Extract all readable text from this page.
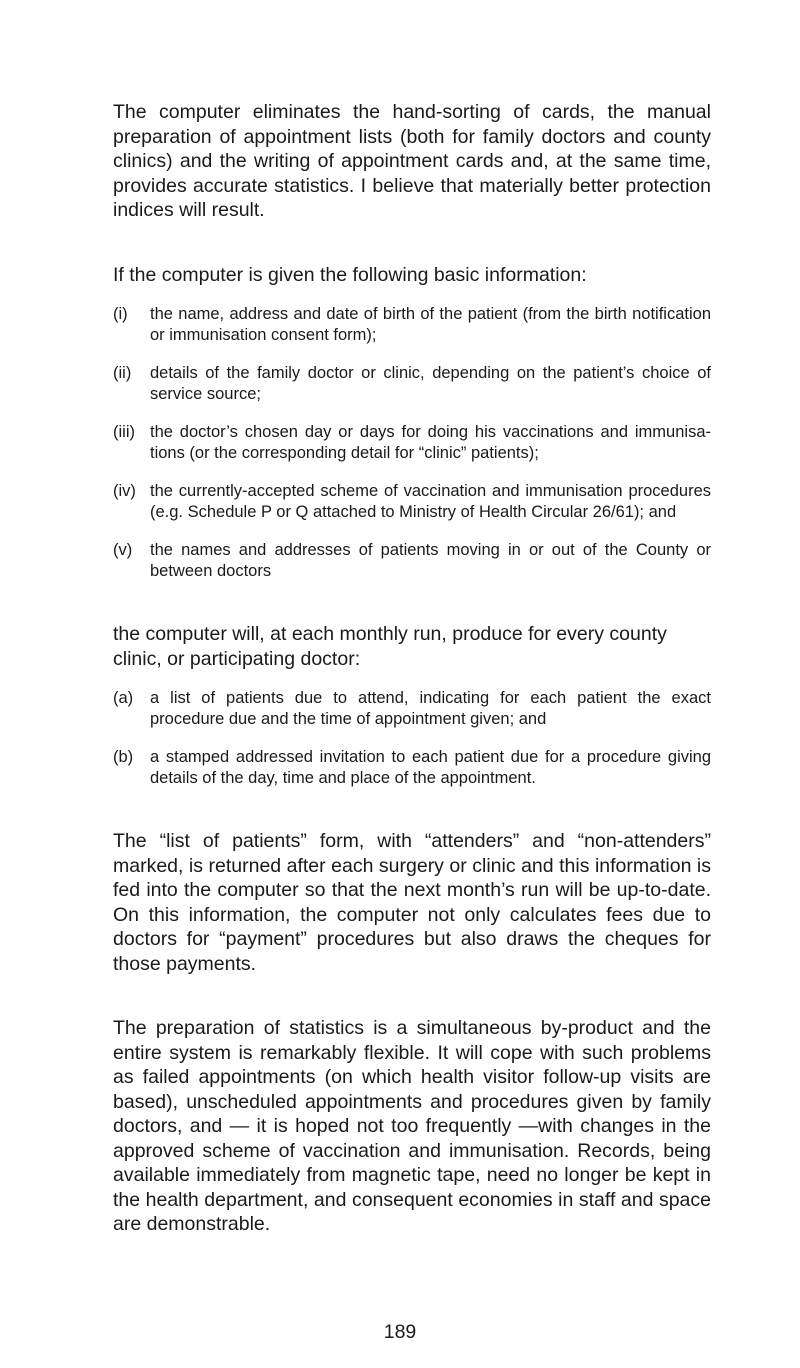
The computer eliminates the hand-sorting of cards, the manual preparation of appointment lists (both for family doctors and county clinics) and the writing of appointment cards and, at the same time, provides accurate statistics. I believe that materially better protection indices will result.

If the computer is given the following basic information:

(i)	the name, address and date of birth of the patient (from the birth notification or immunisation consent form);
(ii)	details of the family doctor or clinic, depending on the patient’s choice of service source;
(iii) the doctor’s chosen day or days for doing his vaccinations and immunisations (or the corresponding detail for “clinic” patients);
(iv) the currently-accepted scheme of vaccination and immunisation procedures (e.g. Schedule P or Q attached to Ministry of Health Circular 26/61); and
(v)	the names and addresses of patients moving in or out of the County or between doctors

the computer will, at each monthly run, produce for every county clinic, or participating doctor:

(a)	a list of patients due to attend, indicating for each patient the exact procedure due and the time of appointment given; and
(b)	a stamped addressed invitation to each patient due for a procedure giving details of the day, time and place of the appointment.

The “list of patients” form, with “attenders” and “non-attenders” marked, is returned after each surgery or clinic and this information is fed into the computer so that the next month’s run will be up-to-date. On this information, the computer not only calculates fees due to doctors for “payment” procedures but also draws the cheques for those payments.

The preparation of statistics is a simultaneous by-product and the entire system is remarkably flexible. It will cope with such problems as failed appointments (on which health visitor follow-up visits are based), unscheduled appointments and procedures given by family doctors, and — it is hoped not too frequently —with changes in the approved scheme of vaccination and immunisation. Records, being available immediately from magnetic tape, need no longer be kept in the health department, and consequent economies in staff and space are demonstrable.

189
